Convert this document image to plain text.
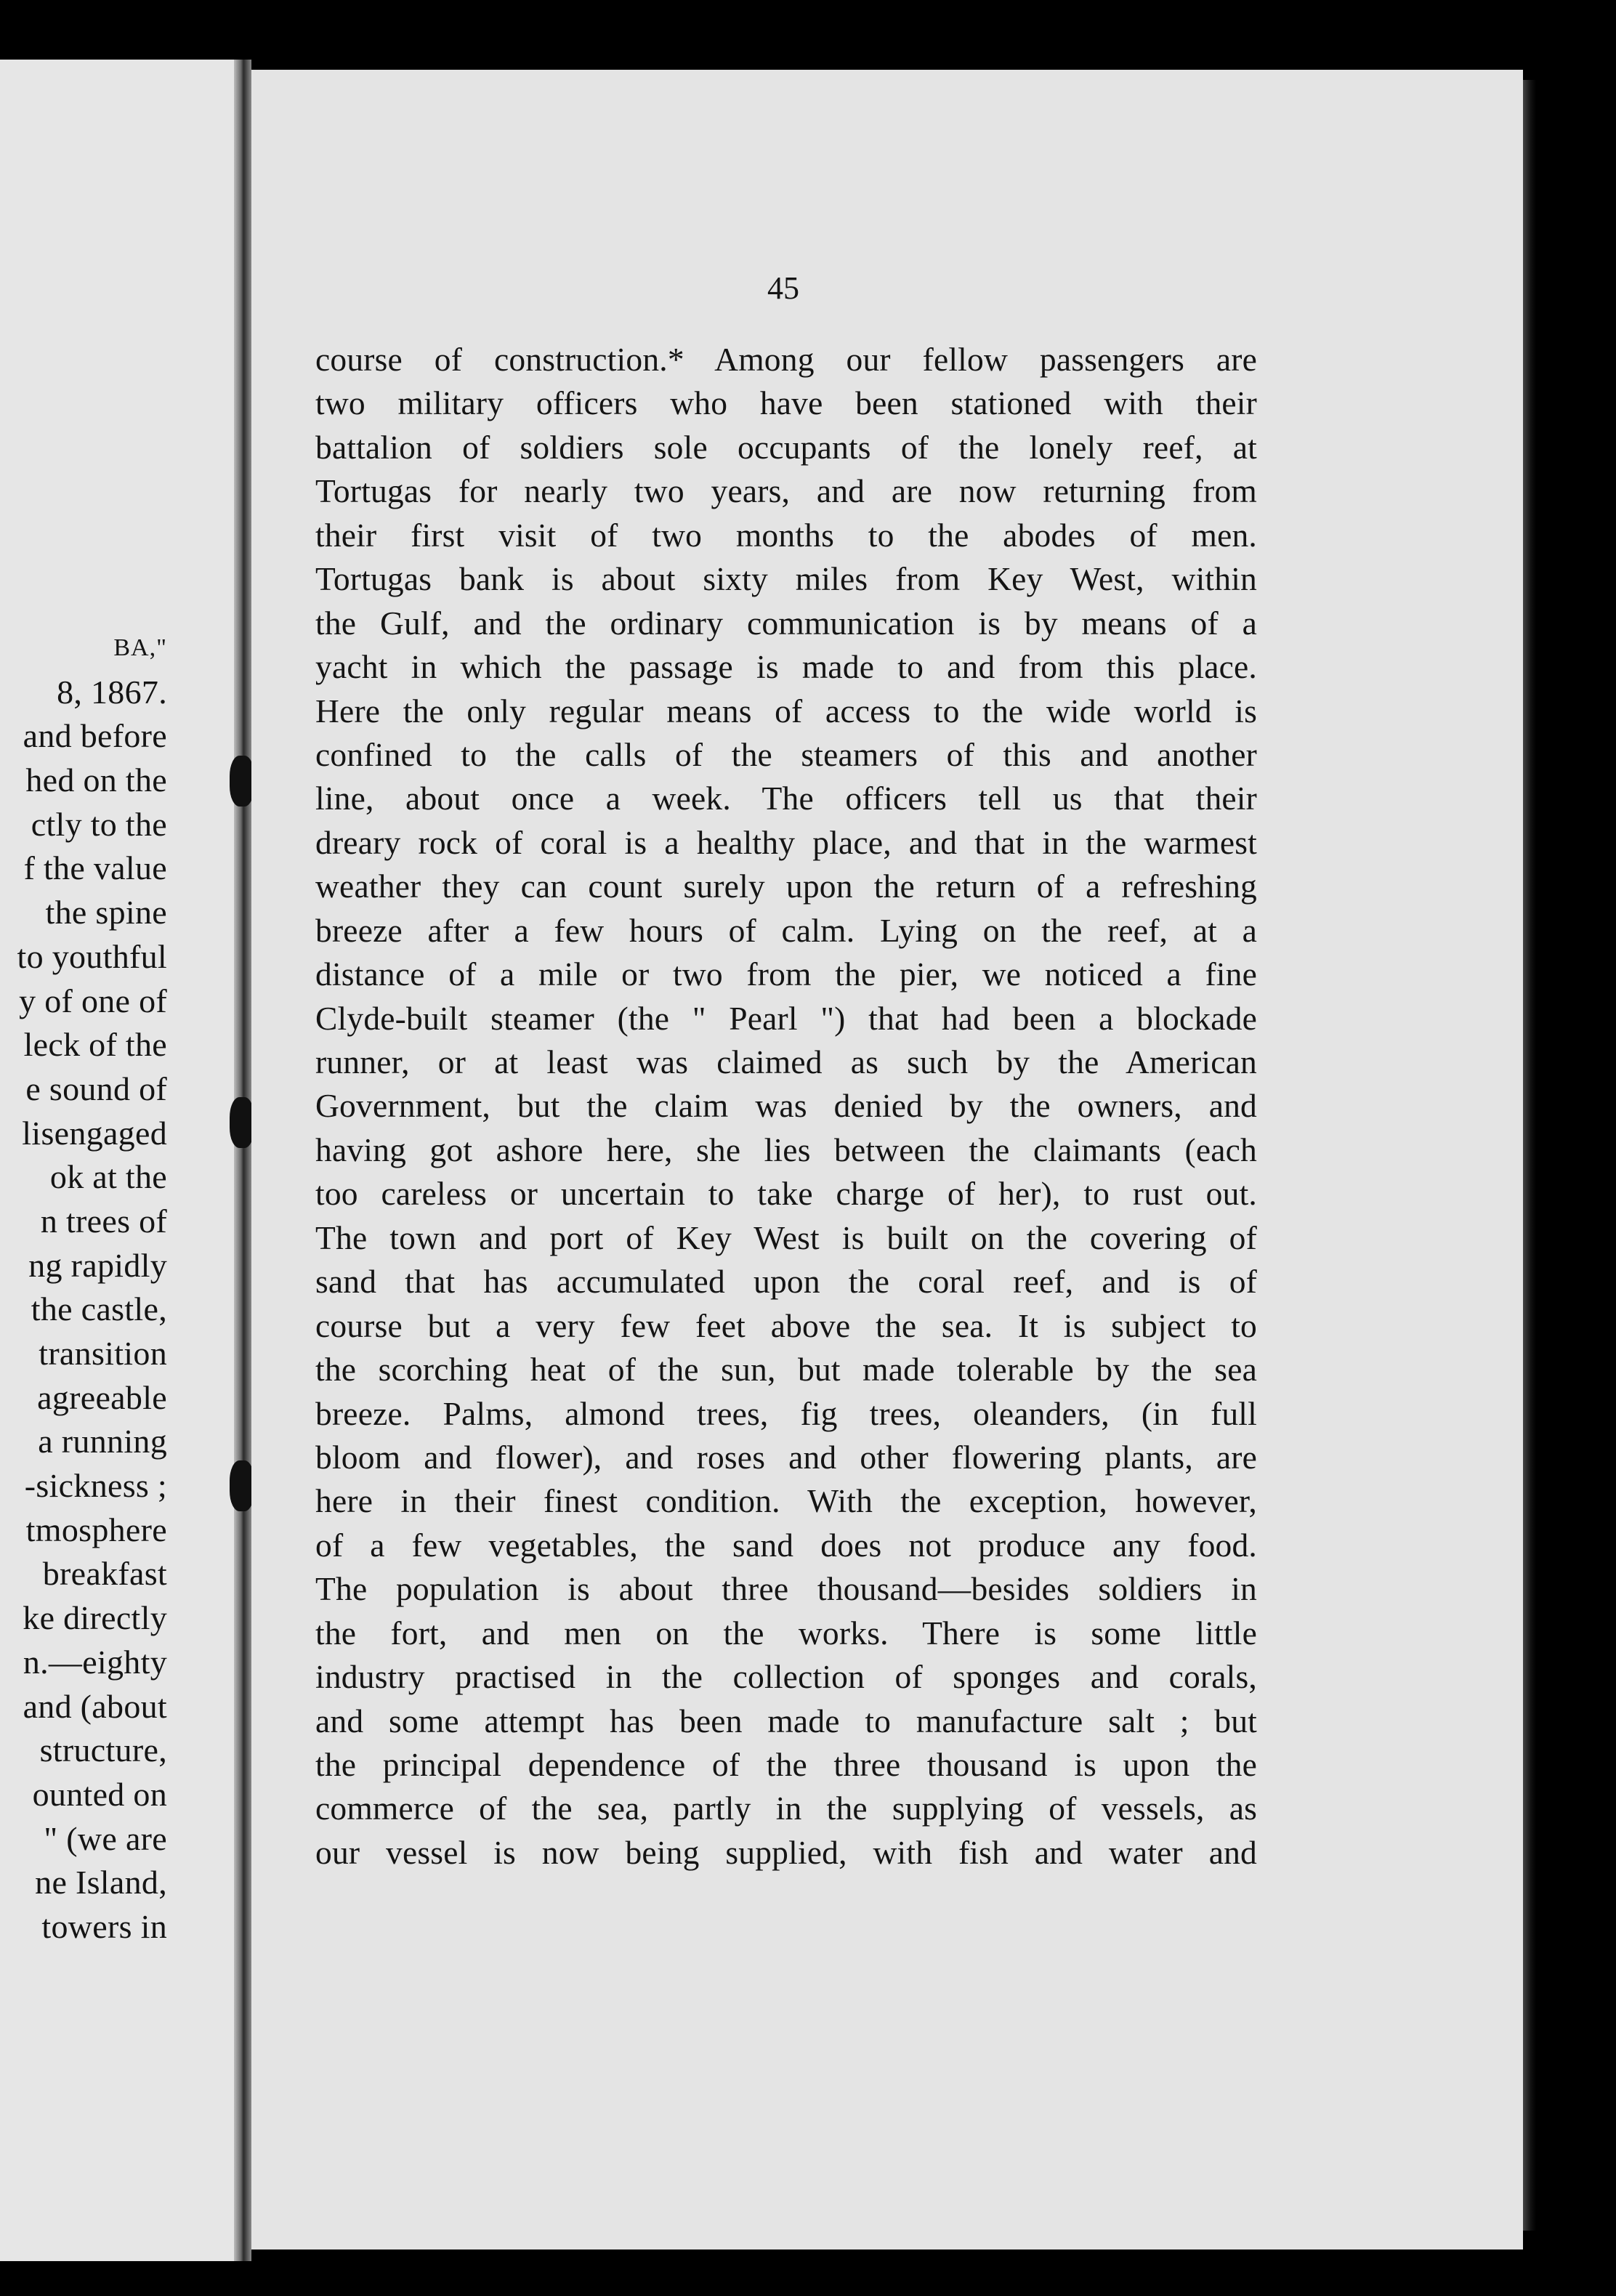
BA,"
8, 1867.
and before
hed on the
ctly to the
f the value
the spine
to youthful
y of one of
leck of the
e sound of
lisengaged
ok at the
n trees of
ng rapidly
the castle,
transition
agreeable
a running
-sickness ;
tmosphere
breakfast
ke directly
n.—eighty
and (about
structure,
ounted on
" (we are
ne Island,
towers in
45
course of construction.* Among our fellow passengers are
two military officers who have been stationed with their
battalion of soldiers sole occupants of the lonely reef, at
Tortugas for nearly two years, and are now returning from
their first visit of two months to the abodes of men.
Tortugas bank is about sixty miles from Key West, within
the Gulf, and the ordinary communication is by means of a
yacht in which the passage is made to and from this place.
Here the only regular means of access to the wide world is
confined to the calls of the steamers of this and another
line, about once a week. The officers tell us that their
dreary rock of coral is a healthy place, and that in the warmest
weather they can count surely upon the return of a refreshing
breeze after a few hours of calm. Lying on the reef, at a
distance of a mile or two from the pier, we noticed a fine
Clyde-built steamer (the " Pearl ") that had been a blockade
runner, or at least was claimed as such by the American
Government, but the claim was denied by the owners, and
having got ashore here, she lies between the claimants (each
too careless or uncertain to take charge of her), to rust out.
The town and port of Key West is built on the covering of
sand that has accumulated upon the coral reef, and is of
course but a very few feet above the sea. It is subject to
the scorching heat of the sun, but made tolerable by the sea
breeze. Palms, almond trees, fig trees, oleanders, (in full
bloom and flower), and roses and other flowering plants, are
here in their finest condition. With the exception, however,
of a few vegetables, the sand does not produce any food.
The population is about three thousand—besides soldiers in
the fort, and men on the works. There is some little
industry practised in the collection of sponges and corals,
and some attempt has been made to manufacture salt ; but
the principal dependence of the three thousand is upon the
commerce of the sea, partly in the supplying of vessels, as
our vessel is now being supplied, with fish and water and
